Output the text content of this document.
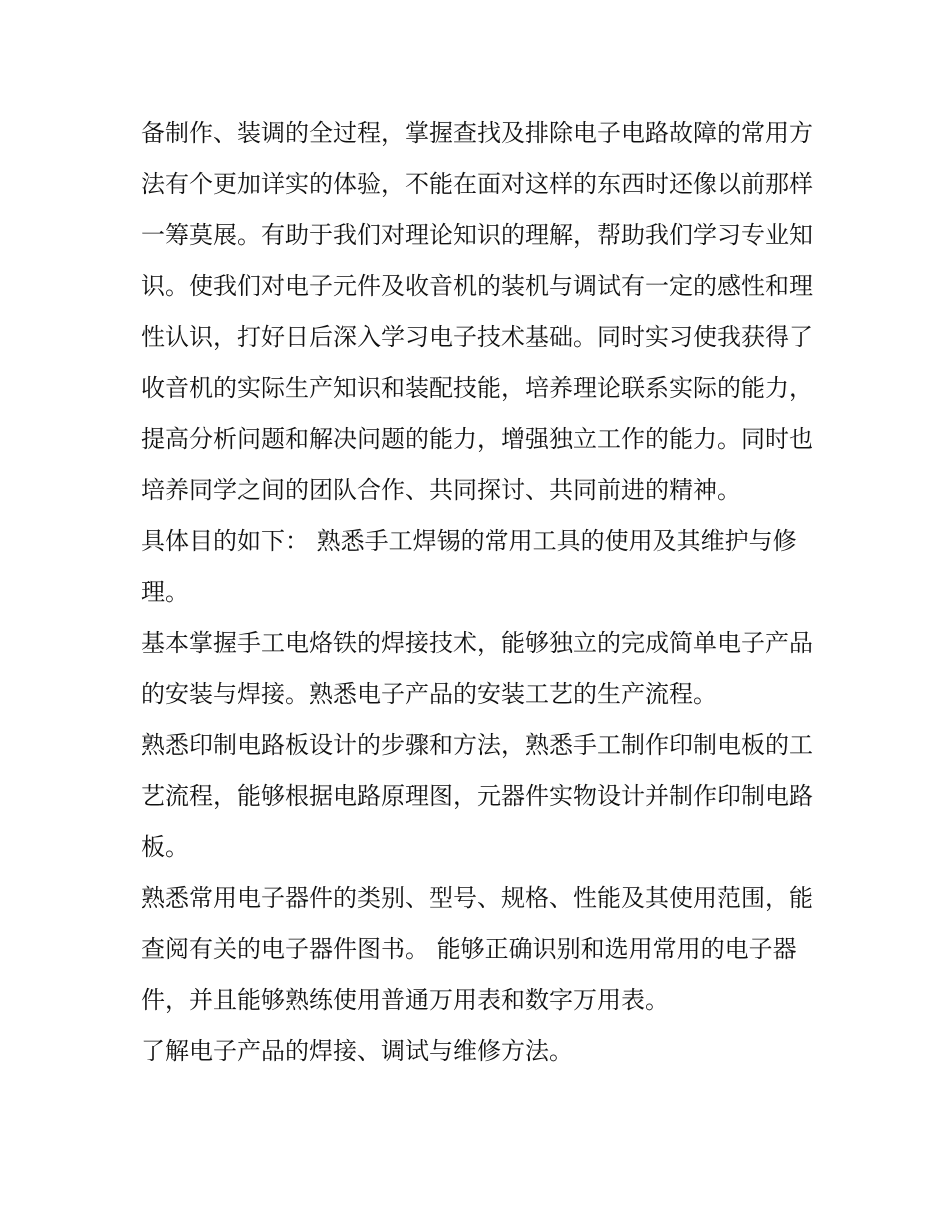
备制作、装调的全过程，掌握查找及排除电子电路故障的常用方法有个更加详实的体验，不能在面对这样的东西时还像以前那样一筹莫展。有助于我们对理论知识的理解，帮助我们学习专业知识。使我们对电子元件及收音机的装机与调试有一定的感性和理性认识，打好日后深入学习电子技术基础。同时实习使我获得了收音机的实际生产知识和装配技能，培养理论联系实际的能力，提高分析问题和解决问题的能力，增强独立工作的能力。同时也培养同学之间的团队合作、共同探讨、共同前进的精神。

具体目的如下： 熟悉手工焊锡的常用工具的使用及其维护与修理。

基本掌握手工电烙铁的焊接技术，能够独立的完成简单电子产品的安装与焊接。熟悉电子产品的安装工艺的生产流程。

熟悉印制电路板设计的步骤和方法，熟悉手工制作印制电板的工艺流程，能够根据电路原理图，元器件实物设计并制作印制电路板。

熟悉常用电子器件的类别、型号、规格、性能及其使用范围，能查阅有关的电子器件图书。 能够正确识别和选用常用的电子器件，并且能够熟练使用普通万用表和数字万用表。

了解电子产品的焊接、调试与维修方法。
